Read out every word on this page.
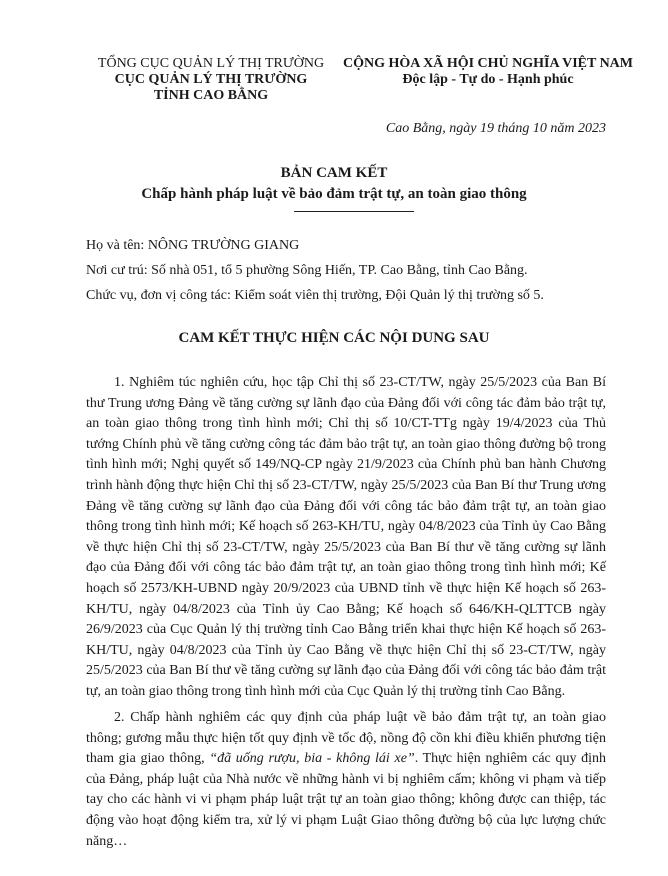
TỔNG CỤC QUẢN LÝ THỊ TRƯỜNG
CỤC QUẢN LÝ THỊ TRƯỜNG
TỈNH CAO BẰNG
CỘNG HÒA XÃ HỘI CHỦ NGHĨA VIỆT NAM
Độc lập - Tự do - Hạnh phúc
Cao Bằng, ngày 19 tháng 10 năm 2023
BẢN CAM KẾT
Chấp hành pháp luật về bảo đảm trật tự, an toàn giao thông
Họ và tên: NÔNG TRƯỜNG GIANG
Nơi cư trú: Số nhà 051, tổ 5 phường Sông Hiến, TP. Cao Bằng, tỉnh Cao Bằng.
Chức vụ, đơn vị công tác: Kiểm soát viên thị trường, Đội Quản lý thị trường số 5.
CAM KẾT THỰC HIỆN CÁC NỘI DUNG SAU

1. Nghiêm túc nghiên cứu, học tập Chỉ thị số 23-CT/TW, ngày 25/5/2023 của Ban Bí thư Trung ương Đảng về tăng cường sự lãnh đạo của Đảng đối với công tác đảm bảo trật tự, an toàn giao thông trong tình hình mới; Chỉ thị số 10/CT-TTg ngày 19/4/2023 của Thủ tướng Chính phủ về tăng cường công tác đảm bảo trật tự, an toàn giao thông đường bộ trong tình hình mới; Nghị quyết số 149/NQ-CP ngày 21/9/2023 của Chính phủ ban hành Chương trình hành động thực hiện Chỉ thị số 23-CT/TW, ngày 25/5/2023 của Ban Bí thư Trung ương Đảng về tăng cường sự lãnh đạo của Đảng đối với công tác bảo đảm trật tự, an toàn giao thông trong tình hình mới; Kế hoạch số 263-KH/TU, ngày 04/8/2023 của Tỉnh ủy Cao Bằng về thực hiện Chỉ thị số 23-CT/TW, ngày 25/5/2023 của Ban Bí thư về tăng cường sự lãnh đạo của Đảng đối với công tác bảo đảm trật tự, an toàn giao thông trong tình hình mới; Kế hoạch số 2573/KH-UBND ngày 20/9/2023 của UBND tỉnh về thực hiện Kế hoạch số 263-KH/TU, ngày 04/8/2023 của Tỉnh ủy Cao Bằng; Kế hoạch số 646/KH-QLTTCB ngày 26/9/2023 của Cục Quản lý thị trường tỉnh Cao Bằng triển khai thực hiện Kế hoạch số 263-KH/TU, ngày 04/8/2023 của Tỉnh ủy Cao Bằng về thực hiện Chỉ thị số 23-CT/TW, ngày 25/5/2023 của Ban Bí thư về tăng cường sự lãnh đạo của Đảng đối với công tác bảo đảm trật tự, an toàn giao thông trong tình hình mới của Cục Quản lý thị trường tỉnh Cao Bằng.

2. Chấp hành nghiêm các quy định của pháp luật về bảo đảm trật tự, an toàn giao thông; gương mẫu thực hiện tốt quy định về tốc độ, nồng độ cồn khi điều khiển phương tiện tham gia giao thông, “đã uống rượu, bia - không lái xe”. Thực hiện nghiêm các quy định của Đảng, pháp luật của Nhà nước về những hành vi bị nghiêm cấm; không vi phạm và tiếp tay cho các hành vi vi phạm pháp luật trật tự an toàn giao thông; không được can thiệp, tác động vào hoạt động kiểm tra, xử lý vi phạm Luật Giao thông đường bộ của lực lượng chức năng…
